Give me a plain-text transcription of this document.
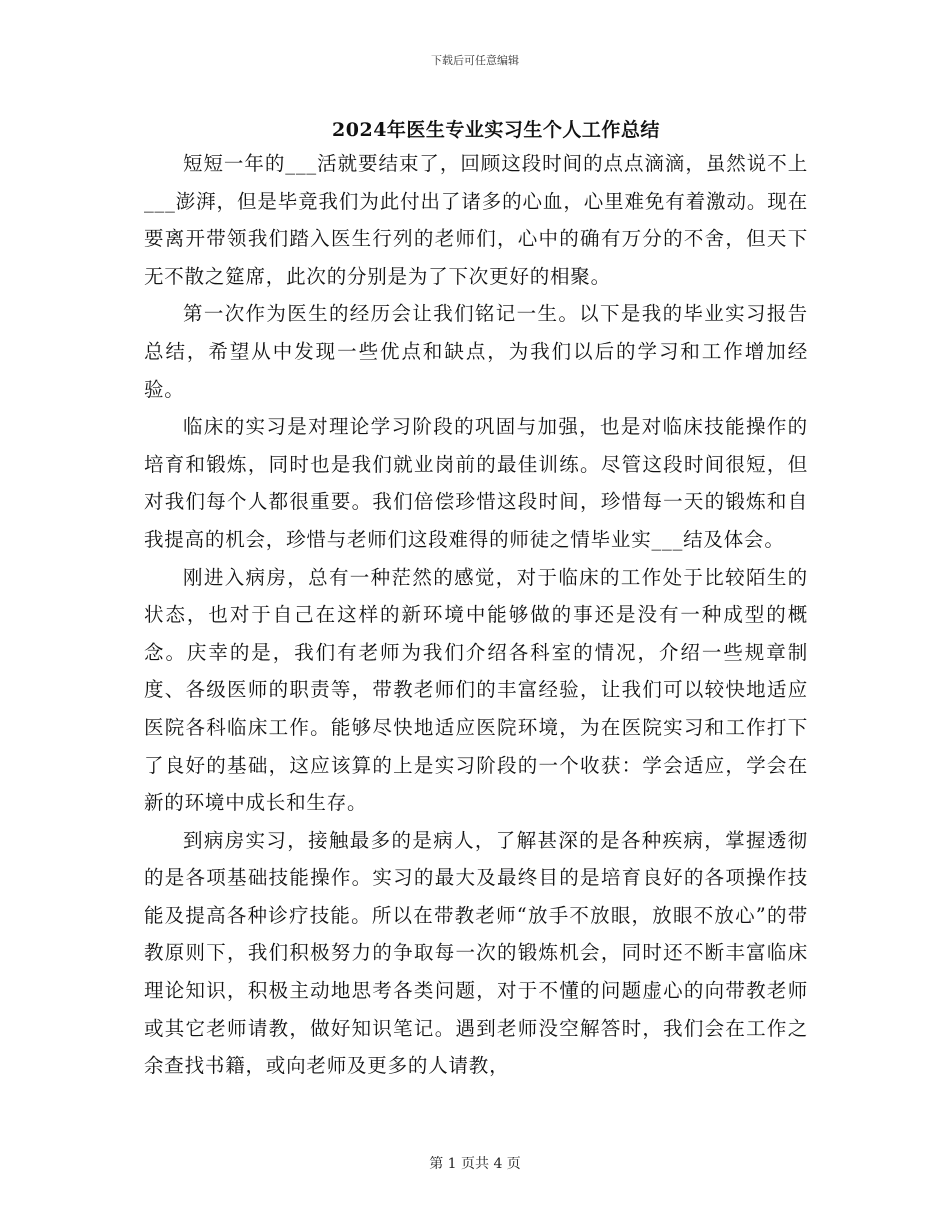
下载后可任意编辑
2024年医生专业实习生个人工作总结

短短一年的___活就要结束了，回顾这段时间的点点滴滴，虽然说不上___澎湃，但是毕竟我们为此付出了诸多的心血，心里难免有着激动。现在要离开带领我们踏入医生行列的老师们，心中的确有万分的不舍，但天下无不散之筵席，此次的分别是为了下次更好的相聚。

第一次作为医生的经历会让我们铭记一生。以下是我的毕业实习报告总结，希望从中发现一些优点和缺点，为我们以后的学习和工作增加经验。

临床的实习是对理论学习阶段的巩固与加强，也是对临床技能操作的培育和锻炼，同时也是我们就业岗前的最佳训练。尽管这段时间很短，但对我们每个人都很重要。我们倍偿珍惜这段时间，珍惜每一天的锻炼和自我提高的机会，珍惜与老师们这段难得的师徒之情毕业实___结及体会。

刚进入病房，总有一种茫然的感觉，对于临床的工作处于比较陌生的状态，也对于自己在这样的新环境中能够做的事还是没有一种成型的概念。庆幸的是，我们有老师为我们介绍各科室的情况，介绍一些规章制度、各级医师的职责等，带教老师们的丰富经验，让我们可以较快地适应医院各科临床工作。能够尽快地适应医院环境，为在医院实习和工作打下了良好的基础，这应该算的上是实习阶段的一个收获：学会适应，学会在新的环境中成长和生存。

到病房实习，接触最多的是病人，了解甚深的是各种疾病，掌握透彻的是各项基础技能操作。实习的最大及最终目的是培育良好的各项操作技能及提高各种诊疗技能。所以在带教老师“放手不放眼，放眼不放心”的带教原则下，我们积极努力的争取每一次的锻炼机会，同时还不断丰富临床理论知识，积极主动地思考各类问题，对于不懂的问题虚心的向带教老师或其它老师请教，做好知识笔记。遇到老师没空解答时，我们会在工作之余查找书籍，或向老师及更多的人请教，

第 1 页共 4 页
